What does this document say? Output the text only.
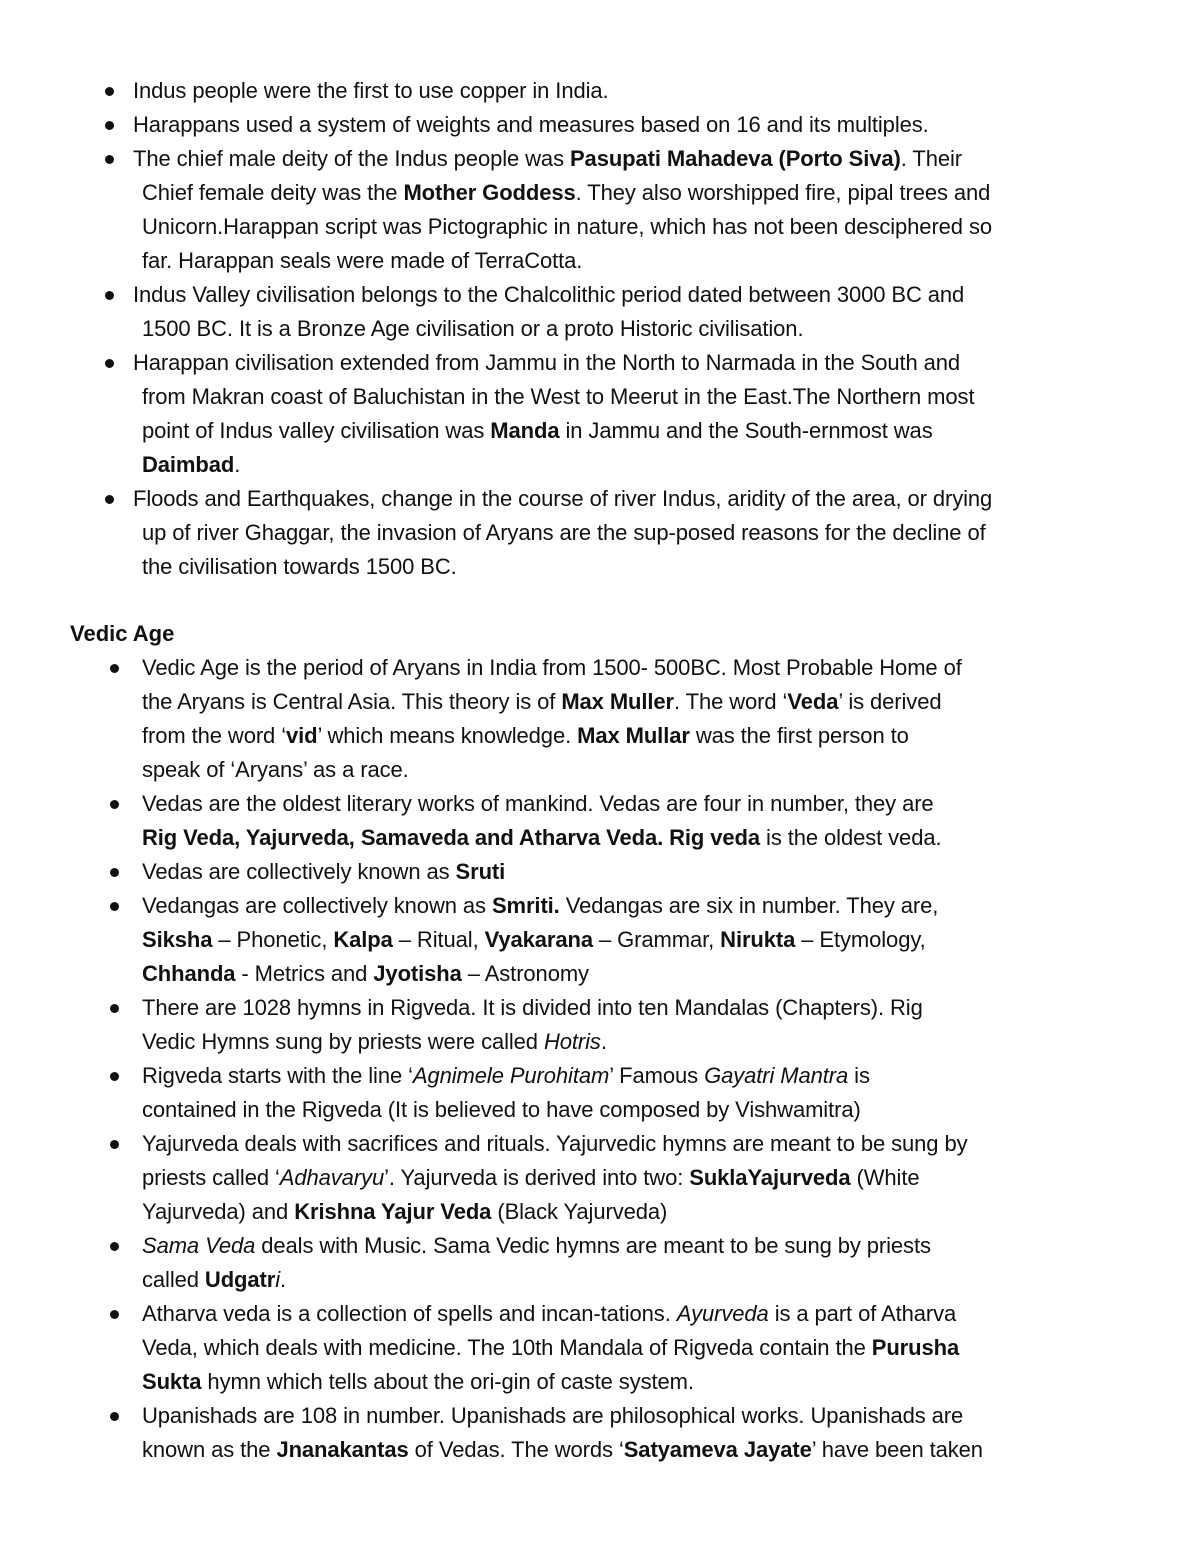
Indus people were the first to use copper in India.
Harappans used a system of weights and measures based on 16 and its multiples.
The chief male deity of the Indus people was Pasupati Mahadeva (Porto Siva). Their
Chief female deity was the Mother Goddess. They also worshipped fire, pipal trees and
Unicorn.Harappan script was Pictographic in nature, which has not been desciphered so
far. Harappan seals were made of TerraCotta.
Indus Valley civilisation belongs to the Chalcolithic period dated between 3000 BC and
1500 BC. It is a Bronze Age civilisation or a proto Historic civilisation.
Harappan civilisation extended from Jammu in the North to Narmada in the South and
from Makran coast of Baluchistan in the West to Meerut in the East.The Northern most
point of Indus valley civilisation was Manda in Jammu and the South-ernmost was
Daimbad.
Floods and Earthquakes, change in the course of river Indus, aridity of the area, or drying
up of river Ghaggar, the invasion of Aryans are the sup-posed reasons for the decline of
the civilisation towards 1500 BC.
Vedic Age
Vedic Age is the period of Aryans in India from 1500- 500BC. Most Probable Home of
the Aryans is Central Asia. This theory is of Max Muller. The word ‘Veda’ is derived
from the word ‘vid’ which means knowledge. Max Mullar was the first person to
speak of ‘Aryans’ as a race.
Vedas are the oldest literary works of mankind. Vedas are four in number, they are
Rig Veda, Yajurveda, Samaveda and Atharva Veda. Rig veda is the oldest veda.
Vedas are collectively known as Sruti
Vedangas are collectively known as Smriti. Vedangas are six in number. They are,
Siksha – Phonetic, Kalpa – Ritual, Vyakarana – Grammar, Nirukta – Etymology,
Chhanda - Metrics and Jyotisha – Astronomy
There are 1028 hymns in Rigveda. It is divided into ten Mandalas (Chapters). Rig
Vedic Hymns sung by priests were called Hotris.
Rigveda starts with the line ‘Agnimele Purohitam’ Famous Gayatri Mantra is
contained in the Rigveda (It is believed to have composed by Vishwamitra)
Yajurveda deals with sacrifices and rituals. Yajurvedic hymns are meant to be sung by
priests called ‘Adhavaryu’. Yajurveda is derived into two: SuklaYajurveda (White
Yajurveda) and Krishna Yajur Veda (Black Yajurveda)
Sama Veda deals with Music. Sama Vedic hymns are meant to be sung by priests
called Udgatri.
Atharva veda is a collection of spells and incan-tations. Ayurveda is a part of Atharva
Veda, which deals with medicine. The 10th Mandala of Rigveda contain the Purusha
Sukta hymn which tells about the ori-gin of caste system.
Upanishads are 108 in number. Upanishads are philosophical works. Upanishads are
known as the Jnanakantas of Vedas. The words ‘Satyameva Jayate’ have been taken
